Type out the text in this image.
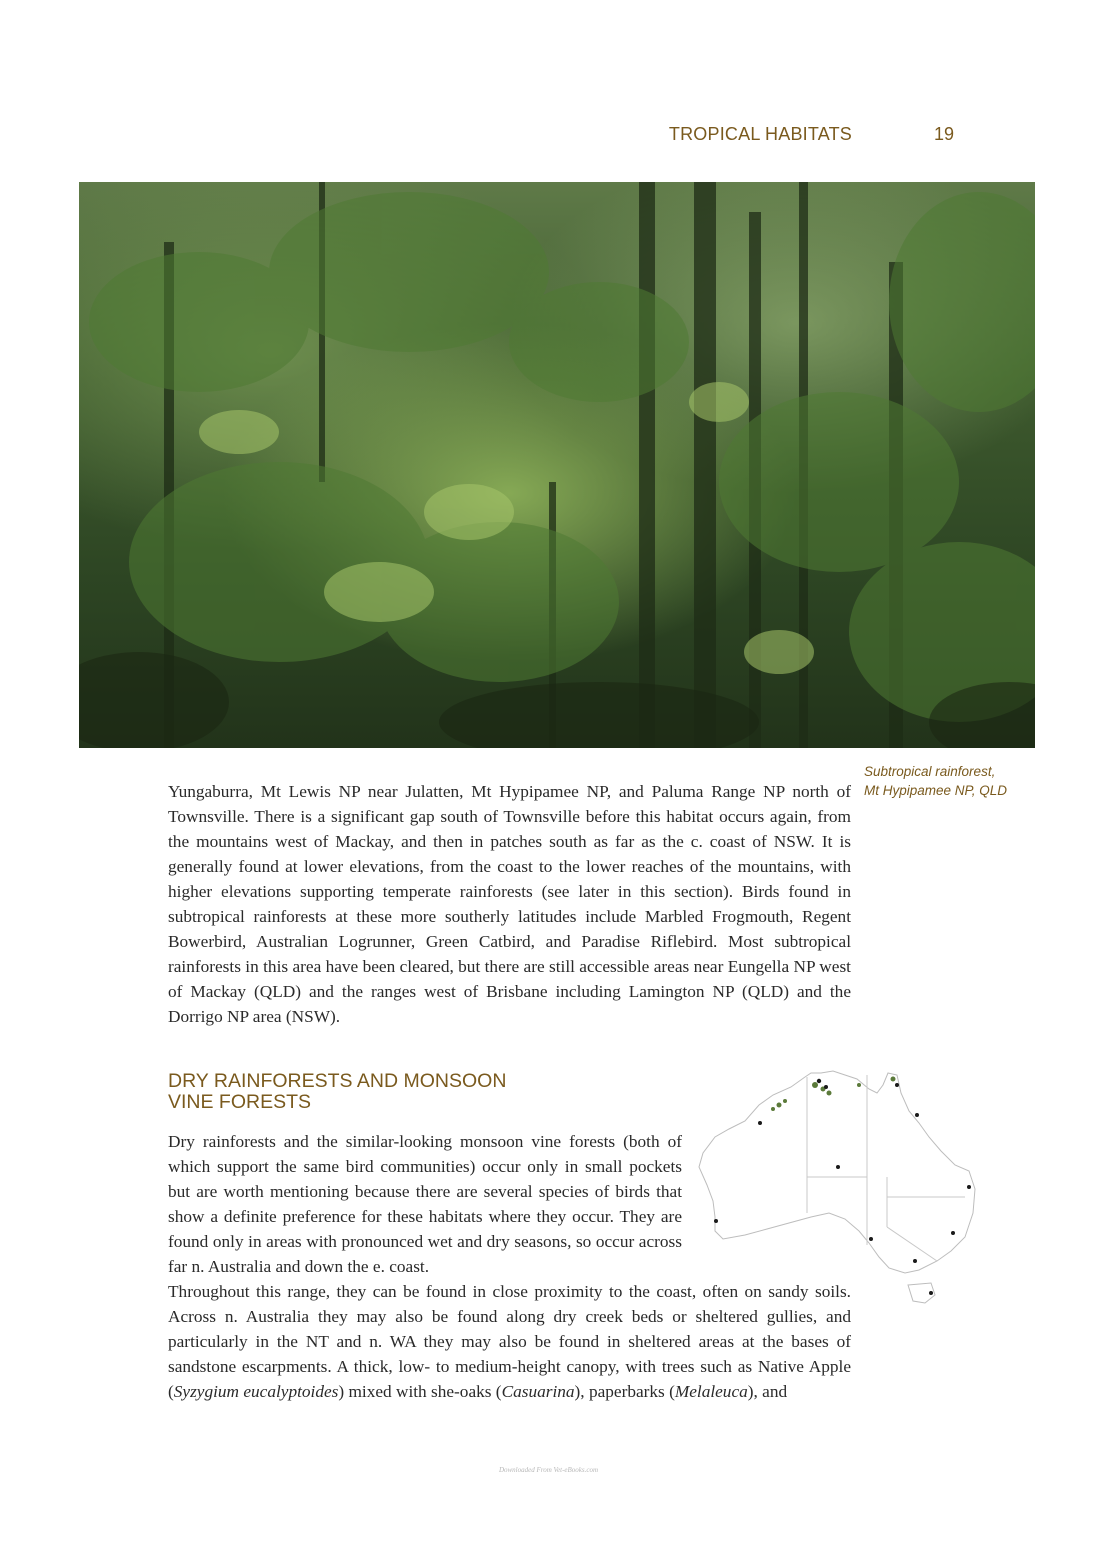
TROPICAL HABITATS	19
Subtropical rainforest, Mt Hypipamee NP, QLD

Yungaburra, Mt Lewis NP near Julatten, Mt Hypipamee NP, and Paluma Range NP north of Townsville. There is a significant gap south of Townsville before this habitat occurs again, from the mountains west of Mackay, and then in patches south as far as the c. coast of NSW. It is generally found at lower elevations, from the coast to the lower reaches of the mountains, with higher elevations supporting temperate rainforests (see later in this section). Birds found in subtropical rainforests at these more southerly latitudes include Marbled Frogmouth, Regent Bowerbird, Australian Logrunner, Green Catbird, and Paradise Riflebird. Most subtropical rainforests in this area have been cleared, but there are still accessible areas near Eungella NP west of Mackay (QLD) and the ranges west of Brisbane including Lamington NP (QLD) and the Dorrigo NP area (NSW).

DRY RAINFORESTS AND MONSOON
VINE FORESTS

Dry rainforests and the similar-looking monsoon vine forests (both of which support the same bird communities) occur only in small pockets but are worth mentioning because there are several species of birds that show a definite preference for these habitats where they occur. They are found only in areas with pronounced wet and dry seasons, so occur across far n. Australia and down the e. coast.

Throughout this range, they can be found in close proximity to the coast, often on sandy soils. Across n. Australia they may also be found along dry creek beds or sheltered gullies, and particularly in the NT and n. WA they may also be found in sheltered areas at the bases of sandstone escarpments. A thick, low- to medium-height canopy, with trees such as Native Apple (Syzygium eucalyptoides) mixed with she-oaks (Casuarina), paperbarks (Melaleuca), and

Downloaded From Vet-eBooks.com
